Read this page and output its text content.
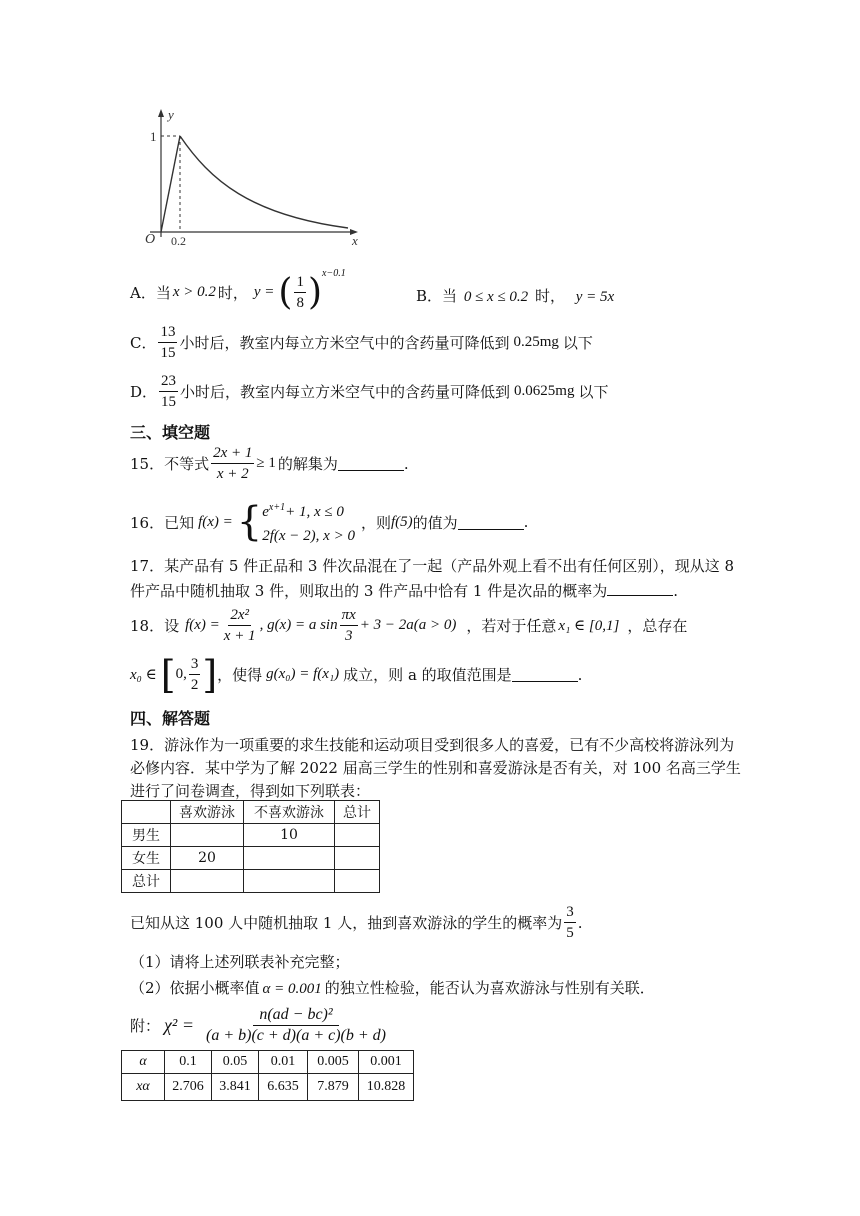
y
1
O 0.2	x
A．当 x > 0.2 时， y = ( $\frac{1}{8}$ ) x−0.1
B．当 0 ≤ x ≤ 0.2 时， y = 5x
C． $\frac{13}{15}$ 小时后，教室内每立方米空气中的含药量可降低到 0.25mg 以下
D． $\frac{23}{15}$ 小时后，教室内每立方米空气中的含药量可降低到 0.0625mg 以下
三、填空题
15．不等式 $\frac{2x + 1}{x + 2} \ge 1$ 的解集为	.
16．已知 f(x) = { $e^{x+1}+ 1$, x ≤ 0
2f(x − 2), x > 0
，则 f(5) 的值为	.
17．某产品有 5 件正品和 3 件次品混在了一起（产品外观上看不出有任何区别），现从这 8
件产品中随机抽取 3 件，则取出的 3 件产品中恰有 1 件是次品的概率为	.
18．设 $f(x) = \frac{\text{2x²}}{x + 1}$ , g(x) = a $\sin \frac{\pi x}{3} + 3 - 2a(a > 0)$ ，若对于任意 x₁ ∈ [0,1] ，总存在
x₀ ∈ [ 0, $\frac{3}{2}$ ] ，使得 g(x₀) = f(x₁) 成立，则 a 的取值范围是	.
四、解答题
19．游泳作为一项重要的求生技能和运动项目受到很多人的喜爱，已有不少高校将游泳列为
必修内容．某中学为了解 2022 届高三学生的性别和喜爱游泳是否有关，对 100 名高三学生
进行了问卷调查，得到如下列联表：
	喜欢游泳	不喜欢游泳	总计
男生		10	
女生	20		
总计			
已知从这 100 人中随机抽取 1 人，抽到喜欢游泳的学生的概率为 $\frac{3}{5}$ .
（1）请将上述列联表补充完整；
（2）依据小概率值 α = 0.001 的独立性检验，能否认为喜欢游泳与性别有关联．
附： $\chi^2 = \frac{\text{n(ad − bc)²}}{(a + b)(c + d)(a + c)(b + d)}$
α	0.1	0.05	0.01	0.005	0.001
xα	2.706	3.841	6.635	7.879	10.828
